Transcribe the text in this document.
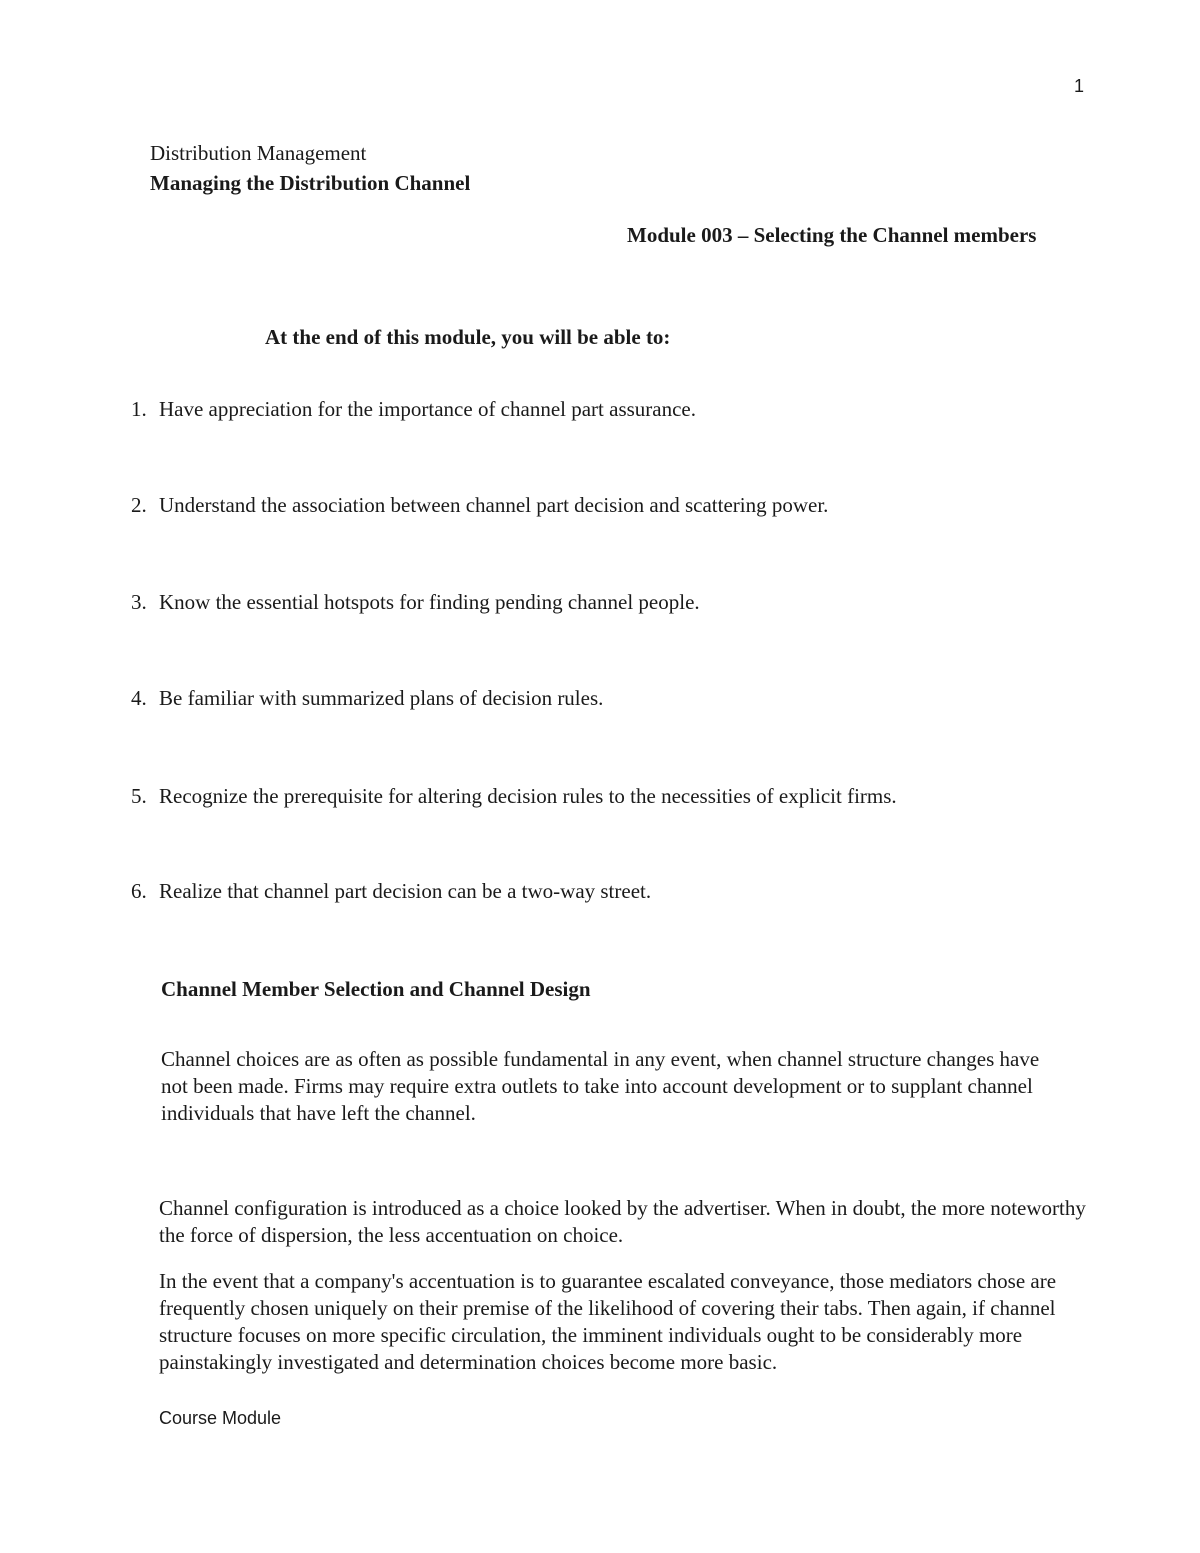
1
Distribution Management
Managing the Distribution Channel
Module 003 – Selecting the Channel members
At the end of this module, you will be able to:
1. Have appreciation for the importance of channel part assurance.
2. Understand the association between channel part decision and scattering power.
3. Know the essential hotspots for finding pending channel people.
4. Be familiar with summarized plans of decision rules.
5. Recognize the prerequisite for altering decision rules to the necessities of explicit firms.
6. Realize that channel part decision can be a two-way street.
Channel Member Selection and Channel Design
Channel choices are as often as possible fundamental in any event, when channel structure changes have not been made. Firms may require extra outlets to take into account development or to supplant channel individuals that have left the channel.
Channel configuration is introduced as a choice looked by the advertiser. When in doubt, the more noteworthy the force of dispersion, the less accentuation on choice.
In the event that a company's accentuation is to guarantee escalated conveyance, those mediators chose are frequently chosen uniquely on their premise of the likelihood of covering their tabs. Then again, if channel structure focuses on more specific circulation, the imminent individuals ought to be considerably more painstakingly investigated and determination choices become more basic.
Course Module
